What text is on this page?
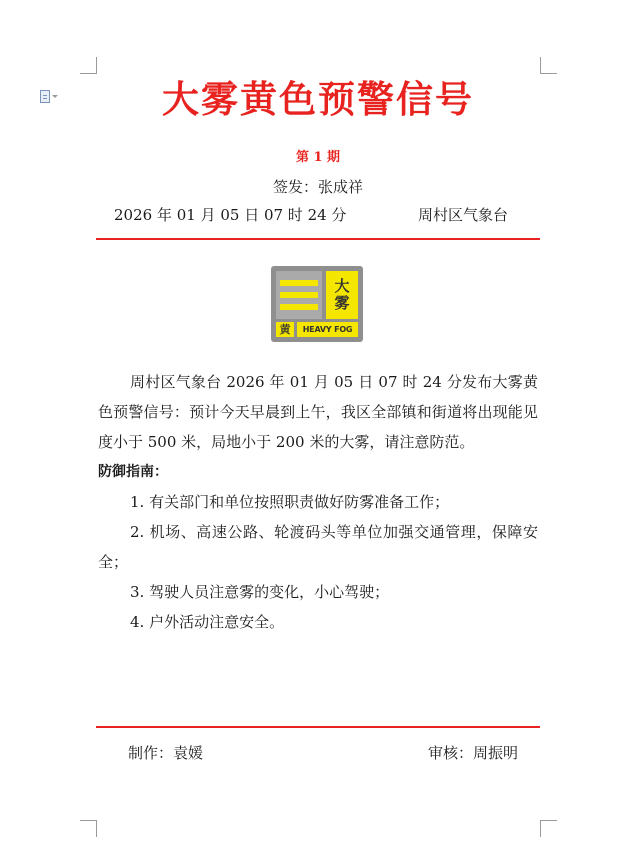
大雾黄色预警信号
第 1 期
签发：张成祥
2026 年 01 月 05 日 07 时 24 分	周村区气象台
大
雾
黄	HEAVY FOG

周村区气象台 2026 年 01 月 05 日 07 时 24 分发布大雾黄色预警信号：预计今天早晨到上午，我区全部镇和街道将出现能见度小于 500 米，局地小于 200 米的大雾，请注意防范。

防御指南：

1. 有关部门和单位按照职责做好防雾准备工作；

2. 机场、高速公路、轮渡码头等单位加强交通管理，保障安全；

3. 驾驶人员注意雾的变化，小心驾驶；

4. 户外活动注意安全。

制作：袁媛	审核：周振明
